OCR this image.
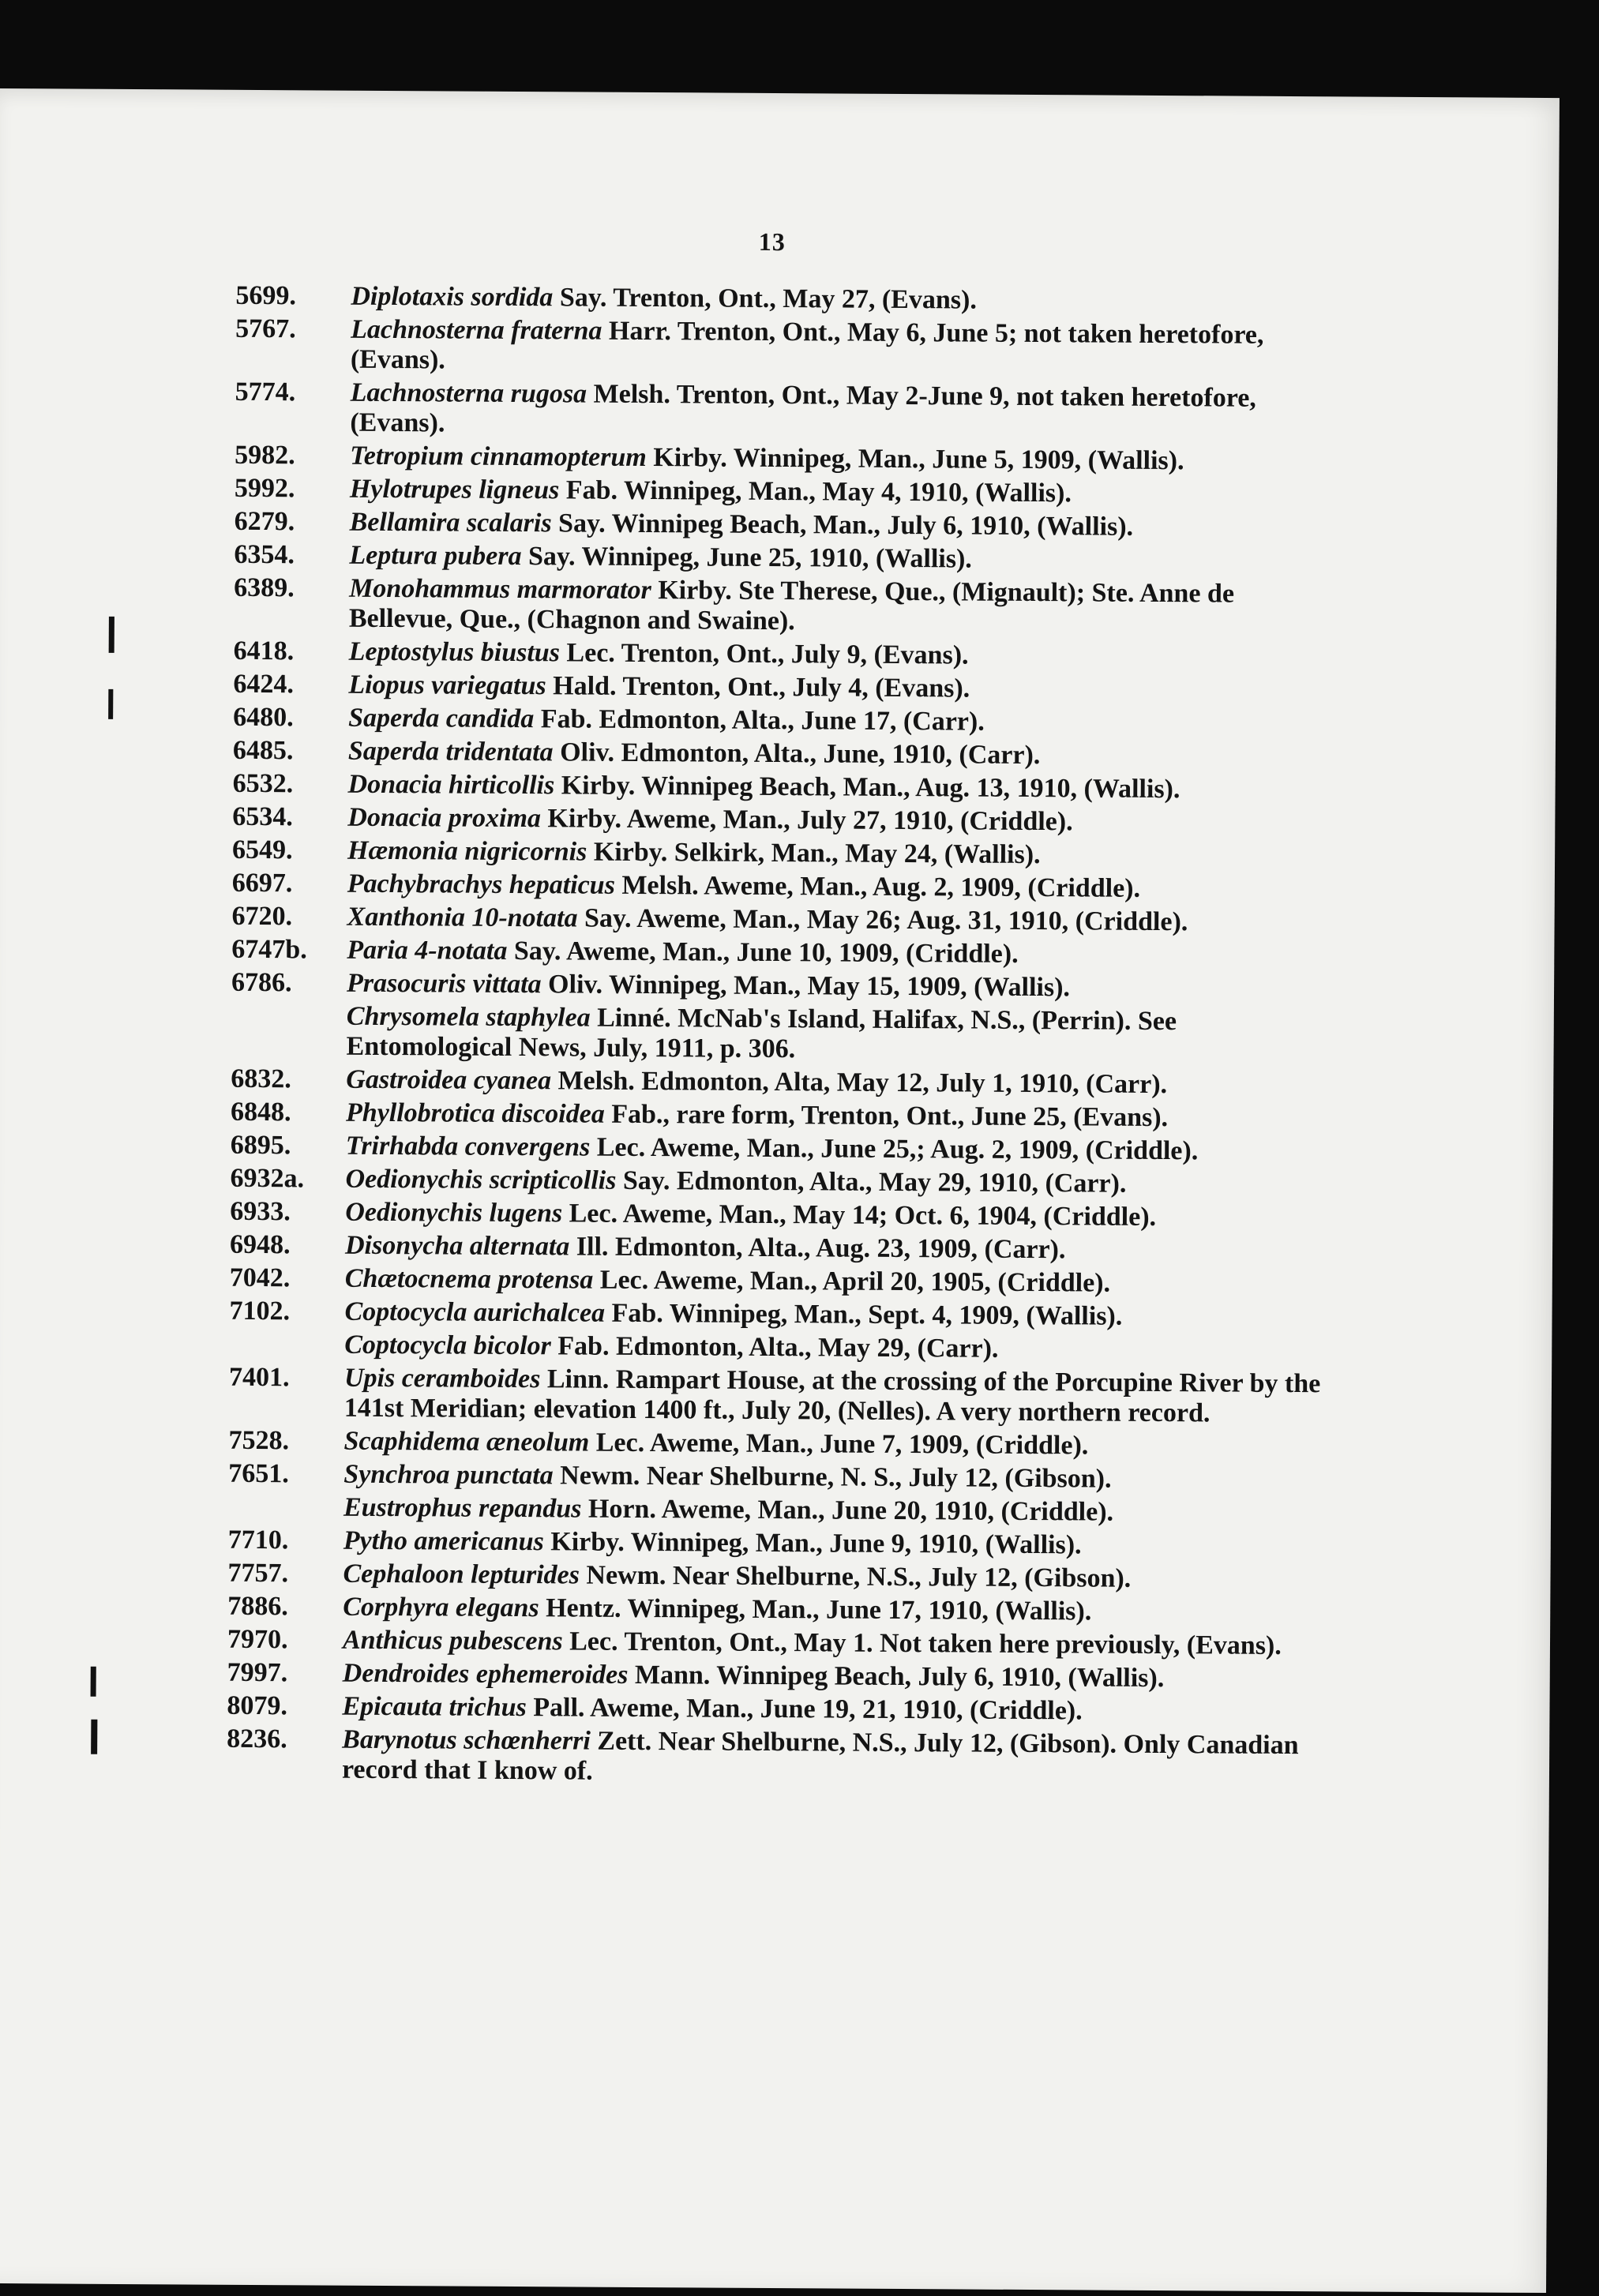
13
5699.	Diplotaxis sordida Say. Trenton, Ont., May 27, (Evans).
5767.	Lachnosterna fraterna Harr. Trenton, Ont., May 6, June 5; not taken heretofore, (Evans).
5774.	Lachnosterna rugosa Melsh. Trenton, Ont., May 2-June 9, not taken heretofore, (Evans).
5982.	Tetropium cinnamopterum Kirby. Winnipeg, Man., June 5, 1909, (Wallis).
5992.	Hylotrupes ligneus Fab. Winnipeg, Man., May 4, 1910, (Wallis).
6279.	Bellamira scalaris Say. Winnipeg Beach, Man., July 6, 1910, (Wallis).
6354.	Leptura pubera Say. Winnipeg, June 25, 1910, (Wallis).
6389.	Monohammus marmorator Kirby. Ste Therese, Que., (Mignault); Ste. Anne de Bellevue, Que., (Chagnon and Swaine).
6418.	Leptostylus biustus Lec. Trenton, Ont., July 9, (Evans).
6424.	Liopus variegatus Hald. Trenton, Ont., July 4, (Evans).
6480.	Saperda candida Fab. Edmonton, Alta., June 17, (Carr).
6485.	Saperda tridentata Oliv. Edmonton, Alta., June, 1910, (Carr).
6532.	Donacia hirticollis Kirby. Winnipeg Beach, Man., Aug. 13, 1910, (Wallis).
6534.	Donacia proxima Kirby. Aweme, Man., July 27, 1910, (Criddle).
6549.	Hæmonia nigricornis Kirby. Selkirk, Man., May 24, (Wallis).
6697.	Pachybrachys hepaticus Melsh. Aweme, Man., Aug. 2, 1909, (Criddle).
6720.	Xanthonia 10-notata Say. Aweme, Man., May 26; Aug. 31, 1910, (Criddle).
6747b.	Paria 4-notata Say. Aweme, Man., June 10, 1909, (Criddle).
6786.	Prasocuris vittata Oliv. Winnipeg, Man., May 15, 1909, (Wallis).
Chrysomela staphylea Linné. McNab's Island, Halifax, N.S., (Perrin). See Entomological News, July, 1911, p. 306.
6832.	Gastroidea cyanea Melsh. Edmonton, Alta, May 12, July 1, 1910, (Carr).
6848.	Phyllobrotica discoidea Fab., rare form, Trenton, Ont., June 25, (Evans).
6895.	Trirhabda convergens Lec. Aweme, Man., June 25,; Aug. 2, 1909, (Criddle).
6932a.	Oedionychis scripticollis Say. Edmonton, Alta., May 29, 1910, (Carr).
6933.	Oedionychis lugens Lec. Aweme, Man., May 14; Oct. 6, 1904, (Criddle).
6948.	Disonycha alternata Ill. Edmonton, Alta., Aug. 23, 1909, (Carr).
7042.	Chætocnema protensa Lec. Aweme, Man., April 20, 1905, (Criddle).
7102.	Coptocycla aurichalcea Fab. Winnipeg, Man., Sept. 4, 1909, (Wallis).
Coptocycla bicolor Fab. Edmonton, Alta., May 29, (Carr).
7401.	Upis ceramboides Linn. Rampart House, at the crossing of the Porcupine River by the 141st Meridian; elevation 1400 ft., July 20, (Nelles). A very northern record.
7528.	Scaphidema æneolum Lec. Aweme, Man., June 7, 1909, (Criddle).
7651.	Synchroa punctata Newm. Near Shelburne, N. S., July 12, (Gibson).
Eustrophus repandus Horn. Aweme, Man., June 20, 1910, (Criddle).
7710.	Pytho americanus Kirby. Winnipeg, Man., June 9, 1910, (Wallis).
7757.	Cephaloon lepturides Newm. Near Shelburne, N.S., July 12, (Gibson).
7886.	Corphyra elegans Hentz. Winnipeg, Man., June 17, 1910, (Wallis).
7970.	Anthicus pubescens Lec. Trenton, Ont., May 1. Not taken here previously, (Evans).
7997.	Dendroides ephemeroides Mann. Winnipeg Beach, July 6, 1910, (Wallis).
8079.	Epicauta trichus Pall. Aweme, Man., June 19, 21, 1910, (Criddle).
8236.	Barynotus schœnherri Zett. Near Shelburne, N.S., July 12, (Gibson). Only Canadian record that I know of.
